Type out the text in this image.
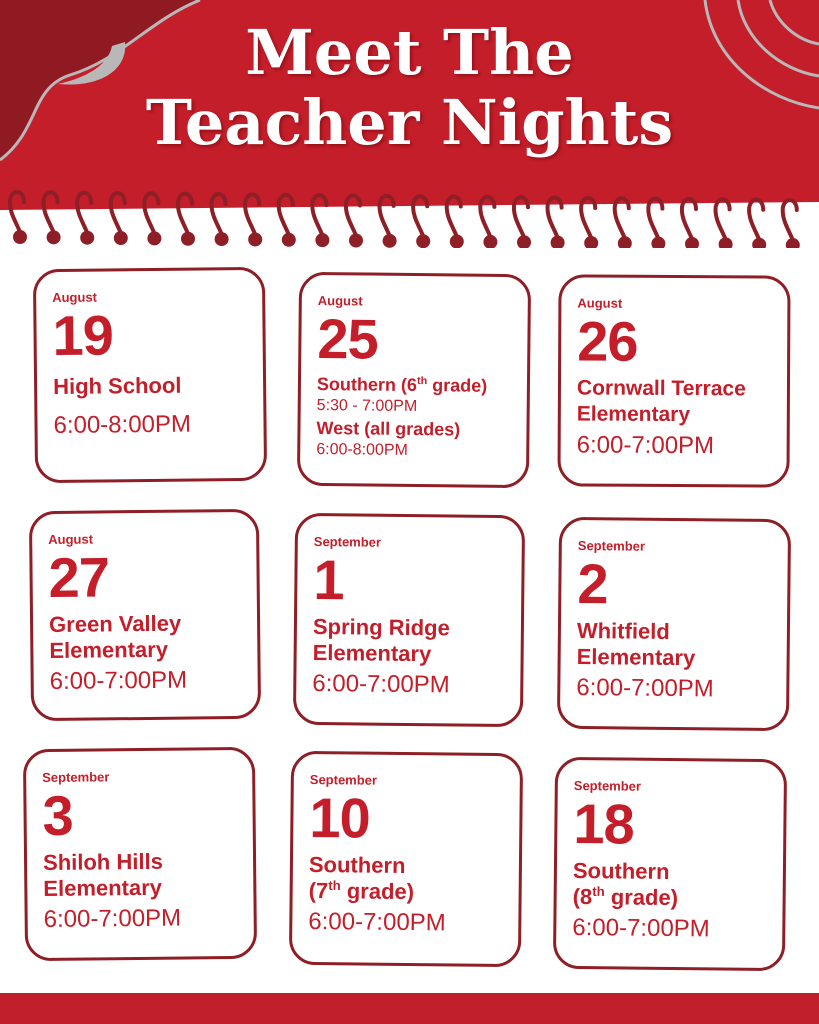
Meet The
Teacher Nights
August
19
High School
6:00-8:00PM
August
25
Southern (6th grade)
5:30 - 7:00PM
West (all grades)
6:00-8:00PM
August
26
Cornwall Terrace
Elementary
6:00-7:00PM
August
27
Green Valley
Elementary
6:00-7:00PM
September
1
Spring Ridge
Elementary
6:00-7:00PM
September
2
Whitfield
Elementary
6:00-7:00PM
September
3
Shiloh Hills
Elementary
6:00-7:00PM
September
10
Southern
(7th grade)
6:00-7:00PM
September
18
Southern
(8th grade)
6:00-7:00PM
